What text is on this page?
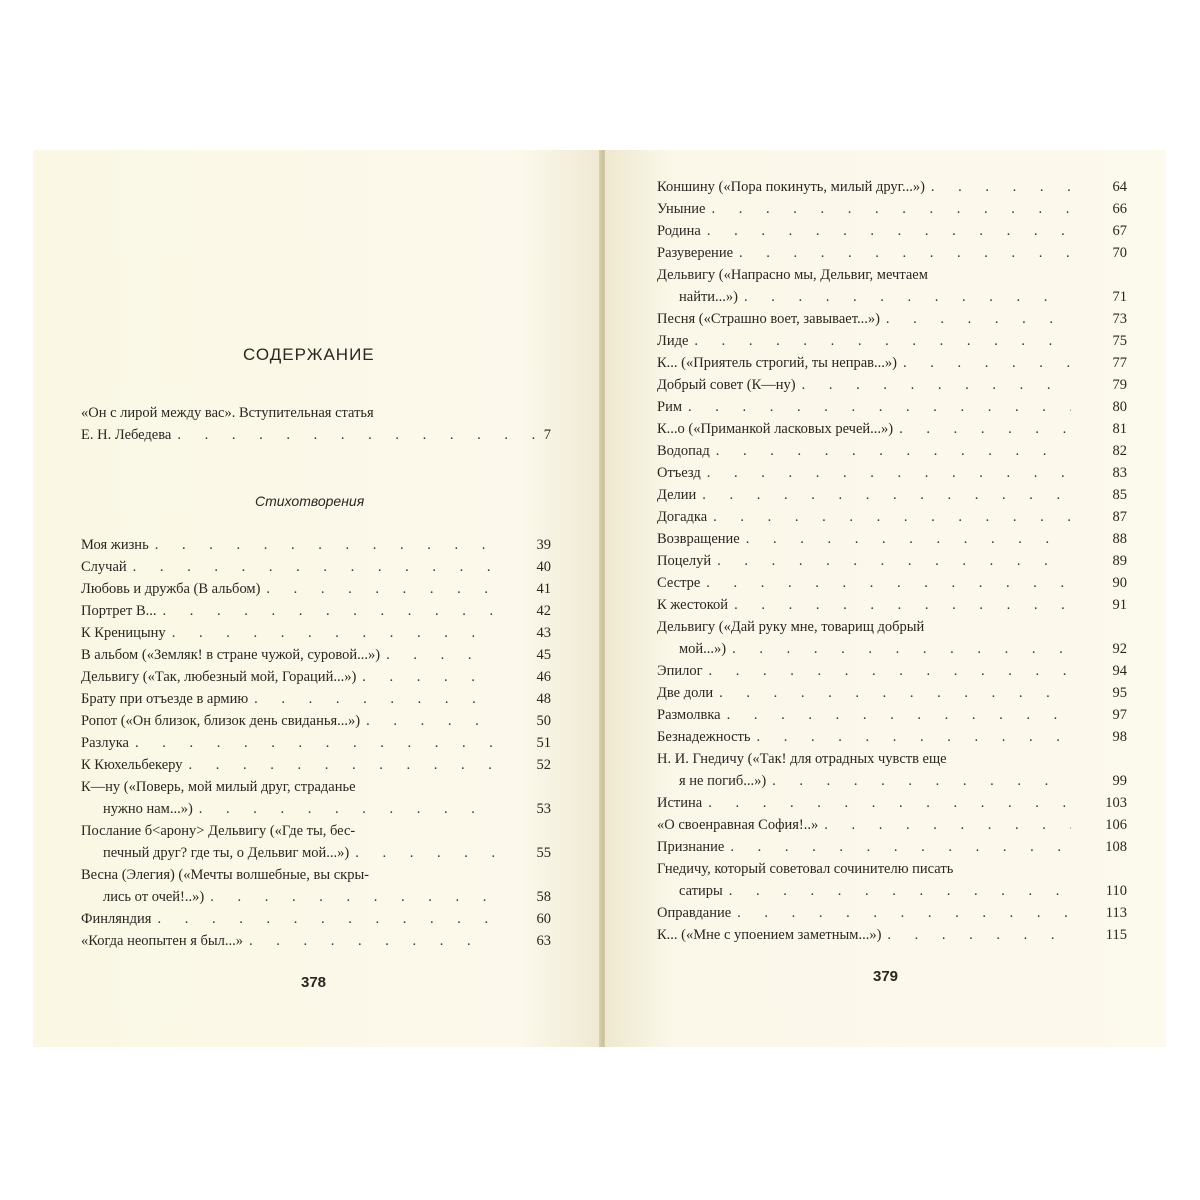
СОДЕРЖАНИЕ
«Он с лирой между вас». Вступительная статья
Е. Н. Лебедева . . .	7
Стихотворения
Моя жизнь . . .	39
Случай . . .	40
Любовь и дружба (В альбом) . . .	41
Портрет В... . . .	42
К Креницыну . . .	43
В альбом («Земляк! в стране чужой, суровой...») . . .	45
Дельвигу («Так, любезный мой, Гораций...») . . .	46
Брату при отъезде в армию . . .	48
Ропот («Он близок, близок день свиданья...») . . .	50
Разлука . . .	51
К Кюхельбекеру . . .	52
К—ну («Поверь, мой милый друг, страданье
нужно нам...») . . .	53
Послание б<арону> Дельвигу («Где ты, бес-
печный друг? где ты, о Дельвиг мой...») . . .	55
Весна (Элегия) («Мечты волшебные, вы скры-
лись от очей!..») . . .	58
Финляндия . . .	60
«Когда неопытен я был...» . . .	63
378
Коншину («Пора покинуть, милый друг...») . . .	64
Уныние . . .	66
Родина . . .	67
Разуверение . . .	70
Дельвигу («Напрасно мы, Дельвиг, мечтаем
найти...») . . .	71
Песня («Страшно воет, завывает...») . . .	73
Лиде . . .	75
К... («Приятель строгий, ты неправ...») . . .	77
Добрый совет (К—ну) . . .	79
Рим . . .	80
К...о («Приманкой ласковых речей...») . . .	81
Водопад . . .	82
Отъезд . . .	83
Делии . . .	85
Догадка . . .	87
Возвращение . . .	88
Поцелуй . . .	89
Сестре . . .	90
К жестокой . . .	91
Дельвигу («Дай руку мне, товарищ добрый
мой...») . . .	92
Эпилог . . .	94
Две доли . . .	95
Размолвка . . .	97
Безнадежность . . .	98
Н. И. Гнедичу («Так! для отрадных чувств еще
я не погиб...») . . .	99
Истина . . .	103
«О своенравная София!..» . . .	106
Признание . . .	108
Гнедичу, который советовал сочинителю писать
сатиры . . .	110
Оправдание . . .	113
К... («Мне с упоением заметным...») . . .	115
379
